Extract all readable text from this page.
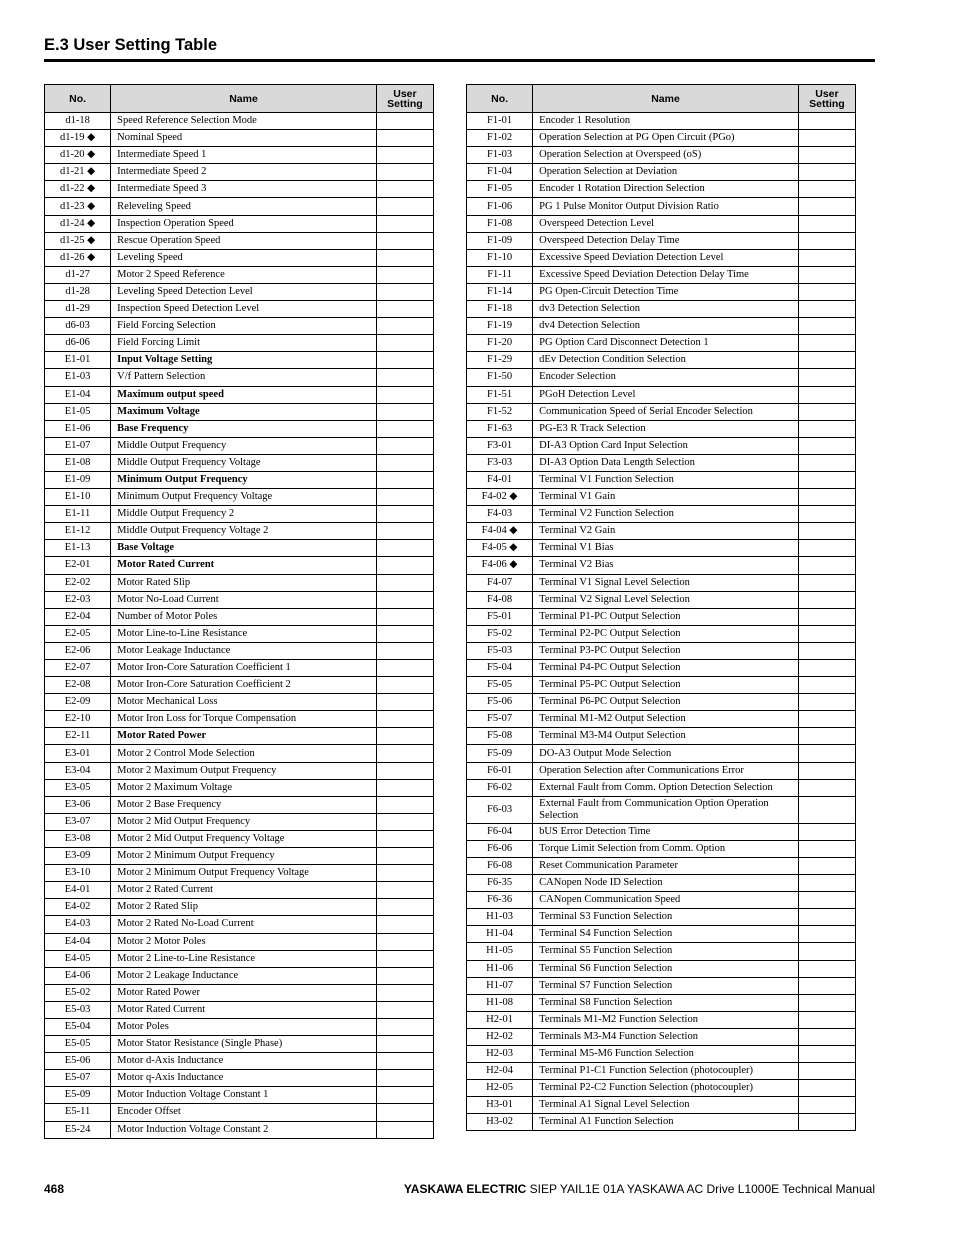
E.3 User Setting Table
No.	Name	User Setting
d1-18	Speed Reference Selection Mode	
d1-19 ◆	Nominal Speed	
d1-20 ◆	Intermediate Speed 1	
d1-21 ◆	Intermediate Speed 2	
d1-22 ◆	Intermediate Speed 3	
d1-23 ◆	Releveling Speed	
d1-24 ◆	Inspection Operation Speed	
d1-25 ◆	Rescue Operation Speed	
d1-26 ◆	Leveling Speed	
d1-27	Motor 2 Speed Reference	
d1-28	Leveling Speed Detection Level	
d1-29	Inspection Speed Detection Level	
d6-03	Field Forcing Selection	
d6-06	Field Forcing Limit	
E1-01	Input Voltage Setting	
E1-03	V/f Pattern Selection	
E1-04	Maximum output speed	
E1-05	Maximum Voltage	
E1-06	Base Frequency	
E1-07	Middle Output Frequency	
E1-08	Middle Output Frequency Voltage	
E1-09	Minimum Output Frequency	
E1-10	Minimum Output Frequency Voltage	
E1-11	Middle Output Frequency 2	
E1-12	Middle Output Frequency Voltage 2	
E1-13	Base Voltage	
E2-01	Motor Rated Current	
E2-02	Motor Rated Slip	
E2-03	Motor No-Load Current	
E2-04	Number of Motor Poles	
E2-05	Motor Line-to-Line Resistance	
E2-06	Motor Leakage Inductance	
E2-07	Motor Iron-Core Saturation Coefficient 1	
E2-08	Motor Iron-Core Saturation Coefficient 2	
E2-09	Motor Mechanical Loss	
E2-10	Motor Iron Loss for Torque Compensation	
E2-11	Motor Rated Power	
E3-01	Motor 2 Control Mode Selection	
E3-04	Motor 2 Maximum Output Frequency	
E3-05	Motor 2 Maximum Voltage	
E3-06	Motor 2 Base Frequency	
E3-07	Motor 2 Mid Output Frequency	
E3-08	Motor 2 Mid Output Frequency Voltage	
E3-09	Motor 2 Minimum Output Frequency	
E3-10	Motor 2 Minimum Output Frequency Voltage	
E4-01	Motor 2 Rated Current	
E4-02	Motor 2 Rated Slip	
E4-03	Motor 2 Rated No-Load Current	
E4-04	Motor 2 Motor Poles	
E4-05	Motor 2 Line-to-Line Resistance	
E4-06	Motor 2 Leakage Inductance	
E5-02	Motor Rated Power	
E5-03	Motor Rated Current	
E5-04	Motor Poles	
E5-05	Motor Stator Resistance (Single Phase)	
E5-06	Motor d-Axis Inductance	
E5-07	Motor q-Axis Inductance	
E5-09	Motor Induction Voltage Constant 1	
E5-11	Encoder Offset	
E5-24	Motor Induction Voltage Constant 2	
No.	Name	User Setting
F1-01	Encoder 1 Resolution	
F1-02	Operation Selection at PG Open Circuit (PGo)	
F1-03	Operation Selection at Overspeed (oS)	
F1-04	Operation Selection at Deviation	
F1-05	Encoder 1 Rotation Direction Selection	
F1-06	PG 1 Pulse Monitor Output Division Ratio	
F1-08	Overspeed Detection Level	
F1-09	Overspeed Detection Delay Time	
F1-10	Excessive Speed Deviation Detection Level	
F1-11	Excessive Speed Deviation Detection Delay Time	
F1-14	PG Open-Circuit Detection Time	
F1-18	dv3 Detection Selection	
F1-19	dv4 Detection Selection	
F1-20	PG Option Card Disconnect Detection 1	
F1-29	dEv Detection Condition Selection	
F1-50	Encoder Selection	
F1-51	PGoH Detection Level	
F1-52	Communication Speed of Serial Encoder Selection	
F1-63	PG-E3 R Track Selection	
F3-01	DI-A3 Option Card Input Selection	
F3-03	DI-A3 Option Data Length Selection	
F4-01	Terminal V1 Function Selection	
F4-02 ◆	Terminal V1 Gain	
F4-03	Terminal V2 Function Selection	
F4-04 ◆	Terminal V2 Gain	
F4-05 ◆	Terminal V1 Bias	
F4-06 ◆	Terminal V2 Bias	
F4-07	Terminal V1 Signal Level Selection	
F4-08	Terminal V2 Signal Level Selection	
F5-01	Terminal P1-PC Output Selection	
F5-02	Terminal P2-PC Output Selection	
F5-03	Terminal P3-PC Output Selection	
F5-04	Terminal P4-PC Output Selection	
F5-05	Terminal P5-PC Output Selection	
F5-06	Terminal P6-PC Output Selection	
F5-07	Terminal M1-M2 Output Selection	
F5-08	Terminal M3-M4 Output Selection	
F5-09	DO-A3 Output Mode Selection	
F6-01	Operation Selection after Communications Error	
F6-02	External Fault from Comm. Option Detection Selection	
F6-03	External Fault from Communication Option Operation Selection	
F6-04	bUS Error Detection Time	
F6-06	Torque Limit Selection from Comm. Option	
F6-08	Reset Communication Parameter	
F6-35	CANopen Node ID Selection	
F6-36	CANopen Communication Speed	
H1-03	Terminal S3 Function Selection	
H1-04	Terminal S4 Function Selection	
H1-05	Terminal S5 Function Selection	
H1-06	Terminal S6 Function Selection	
H1-07	Terminal S7 Function Selection	
H1-08	Terminal S8 Function Selection	
H2-01	Terminals M1-M2 Function Selection	
H2-02	Terminals M3-M4 Function Selection	
H2-03	Terminal M5-M6 Function Selection	
H2-04	Terminal P1-C1 Function Selection (photocoupler)	
H2-05	Terminal P2-C2 Function Selection (photocoupler)	
H3-01	Terminal A1 Signal Level Selection	
H3-02	Terminal A1 Function Selection	
468	YASKAWA ELECTRIC SIEP YAIL1E 01A YASKAWA AC Drive L1000E Technical Manual
